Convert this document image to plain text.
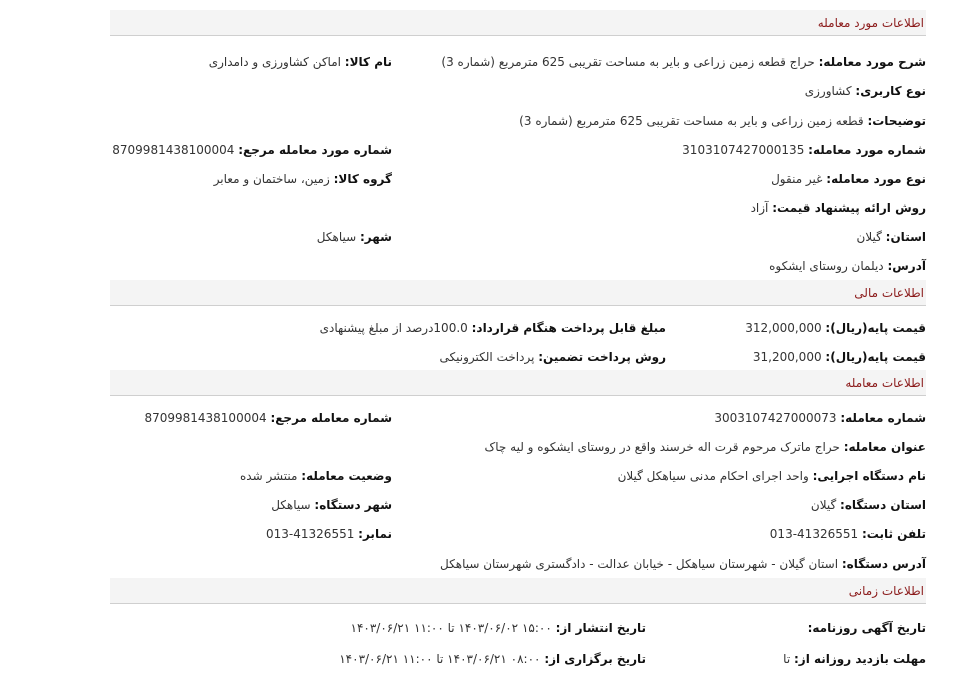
اطلاعات مورد معامله
شرح مورد معامله: حراج قطعه زمین زراعی و بایر به مساحت تقریبی 625 مترمربع (شماره 3)
نام کالا: اماکن کشاورزی و دامداری
نوع کاربری: کشاورزی
توضیحات: قطعه زمین زراعی و بایر به مساحت تقریبی 625 مترمربع (شماره 3)
شماره مورد معامله: 3103107427000135
شماره مورد معامله مرجع: 8709981438100004
نوع مورد معامله: غیر منقول
گروه کالا: زمین، ساختمان و معابر
روش ارائه پیشنهاد قیمت: آزاد
استان: گیلان
شهر: سیاهکل
آدرس: دیلمان روستای ایشکوه
اطلاعات مالی
قیمت پایه(ریال): 312,000,000
مبلغ قابل پرداخت هنگام قرارداد: 100.0درصد از مبلغ پیشنهادی
قیمت پایه(ریال): 31,200,000
روش پرداخت تضمین: پرداخت الکترونیکی
اطلاعات معامله
شماره معامله: 3003107427000073
شماره معامله مرجع: 8709981438100004
عنوان معامله: حراج ماترک مرحوم قرت اله خرسند واقع در روستای ایشکوه و لیه چاک
نام دستگاه اجرایی: واحد اجرای احکام مدنی سیاهکل گیلان
وضعیت معامله: منتشر شده
استان دستگاه: گیلان
شهر دستگاه: سیاهکل
تلفن ثابت: 41326551-013
نمابر: 41326551-013
آدرس دستگاه: استان گیلان - شهرستان سیاهکل - خیابان عدالت - دادگستری شهرستان سیاهکل
اطلاعات زمانی
تاریخ آگهی روزنامه:
تاریخ انتشار از: ۱۵:۰۰ ۱۴۰۳/۰۶/۰۲ تا ۱۱:۰۰ ۱۴۰۳/۰۶/۲۱
مهلت بازدید روزانه از: تا
تاریخ برگزاری از: ۰۸:۰۰ ۱۴۰۳/۰۶/۲۱ تا ۱۱:۰۰ ۱۴۰۳/۰۶/۲۱
